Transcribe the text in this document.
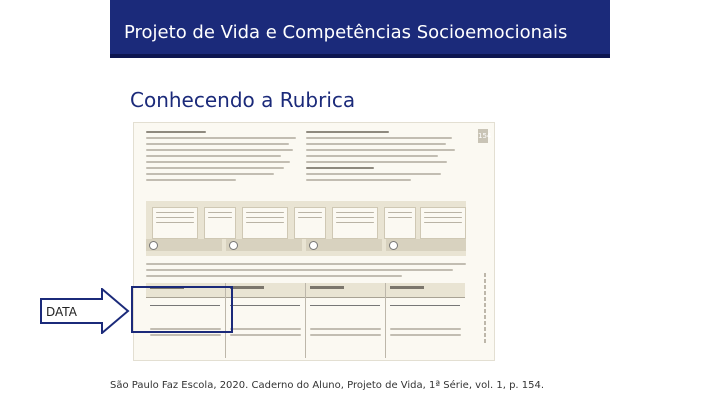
Projeto de Vida e Competências Socioemocionais
Conhecendo a Rubrica
154
DATA
São Paulo Faz Escola, 2020. Caderno do Aluno, Projeto de Vida, 1ª Série, vol. 1, p. 154.
